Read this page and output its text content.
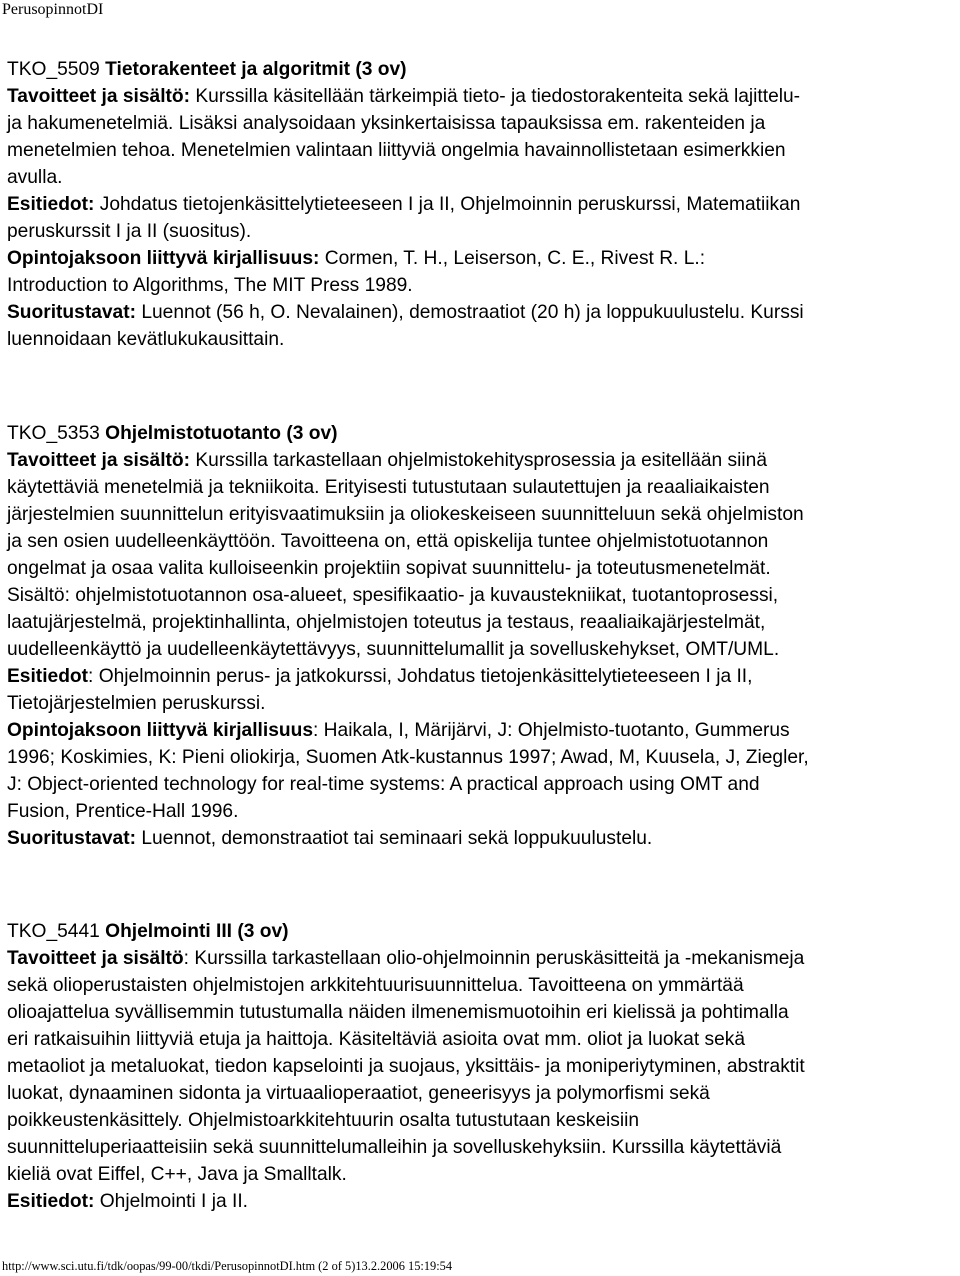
PerusopinnotDI

TKO_5509 Tietorakenteet ja algoritmit (3 ov)

Tavoitteet ja sisältö: Kurssilla käsitellään tärkeimpiä tieto- ja tiedostorakenteita sekä lajittelu-

ja hakumenetelmiä. Lisäksi analysoidaan yksinkertaisissa tapauksissa em. rakenteiden ja

menetelmien tehoa. Menetelmien valintaan liittyviä ongelmia havainnollistetaan esimerkkien

avulla.

Esitiedot: Johdatus tietojenkäsittelytieteeseen I ja II, Ohjelmoinnin peruskurssi, Matematiikan

peruskurssit I ja II (suositus).

Opintojaksoon liittyvä kirjallisuus: Cormen, T. H., Leiserson, C. E., Rivest R. L.:

Introduction to Algorithms, The MIT Press 1989.

Suoritustavat: Luennot (56 h, O. Nevalainen), demostraatiot (20 h) ja loppukuulustelu. Kurssi

luennoidaan kevätlukukausittain.

TKO_5353 Ohjelmistotuotanto (3 ov)

Tavoitteet ja sisältö: Kurssilla tarkastellaan ohjelmistokehitysprosessia ja esitellään siinä

käytettäviä menetelmiä ja tekniikoita. Erityisesti tutustutaan sulautettujen ja reaaliaikaisten

järjestelmien suunnittelun erityisvaatimuksiin ja oliokeskeiseen suunnitteluun sekä ohjelmiston

ja sen osien uudelleenkäyttöön. Tavoitteena on, että opiskelija tuntee ohjelmistotuotannon

ongelmat ja osaa valita kulloiseenkin projektiin sopivat suunnittelu- ja toteutusmenetelmät.

Sisältö: ohjelmistotuotannon osa-alueet, spesifikaatio- ja kuvaustekniikat, tuotantoprosessi,

laatujärjestelmä, projektinhallinta, ohjelmistojen toteutus ja testaus, reaaliaikajärjestelmät,

uudelleenkäyttö ja uudelleenkäytettävyys, suunnittelumallit ja sovelluskehykset, OMT/UML.

Esitiedot: Ohjelmoinnin perus- ja jatkokurssi, Johdatus tietojenkäsittelytieteeseen I ja II,

Tietojärjestelmien peruskurssi.

Opintojaksoon liittyvä kirjallisuus: Haikala, I, Märijärvi, J: Ohjelmisto-tuotanto, Gummerus

1996; Koskimies, K: Pieni oliokirja, Suomen Atk-kustannus 1997; Awad, M, Kuusela, J, Ziegler,

J: Object-oriented technology for real-time systems: A practical approach using OMT and

Fusion, Prentice-Hall 1996.

Suoritustavat: Luennot, demonstraatiot tai seminaari sekä loppukuulustelu.

TKO_5441 Ohjelmointi III (3 ov)

Tavoitteet ja sisältö: Kurssilla tarkastellaan olio-ohjelmoinnin peruskäsitteitä ja -mekanismeja

sekä olioperustaisten ohjelmistojen arkkitehtuurisuunnittelua. Tavoitteena on ymmärtää

olioajattelua syvällisemmin tutustumalla näiden ilmenemismuotoihin eri kielissä ja pohtimalla

eri ratkaisuihin liittyviä etuja ja haittoja. Käsiteltäviä asioita ovat mm. oliot ja luokat sekä

metaoliot ja metaluokat, tiedon kapselointi ja suojaus, yksittäis- ja moniperiytyminen, abstraktit

luokat, dynaaminen sidonta ja virtuaalioperaatiot, geneerisyys ja polymorfismi sekä

poikkeustenkäsittely. Ohjelmistoarkkitehtuurin osalta tutustutaan keskeisiin

suunnitteluperiaatteisiin sekä suunnittelumalleihin ja sovelluskehyksiin. Kurssilla käytettäviä

kieliä ovat Eiffel, C++, Java ja Smalltalk.

Esitiedot: Ohjelmointi I ja II.

http://www.sci.utu.fi/tdk/oopas/99-00/tkdi/PerusopinnotDI.htm (2 of 5)13.2.2006 15:19:54
